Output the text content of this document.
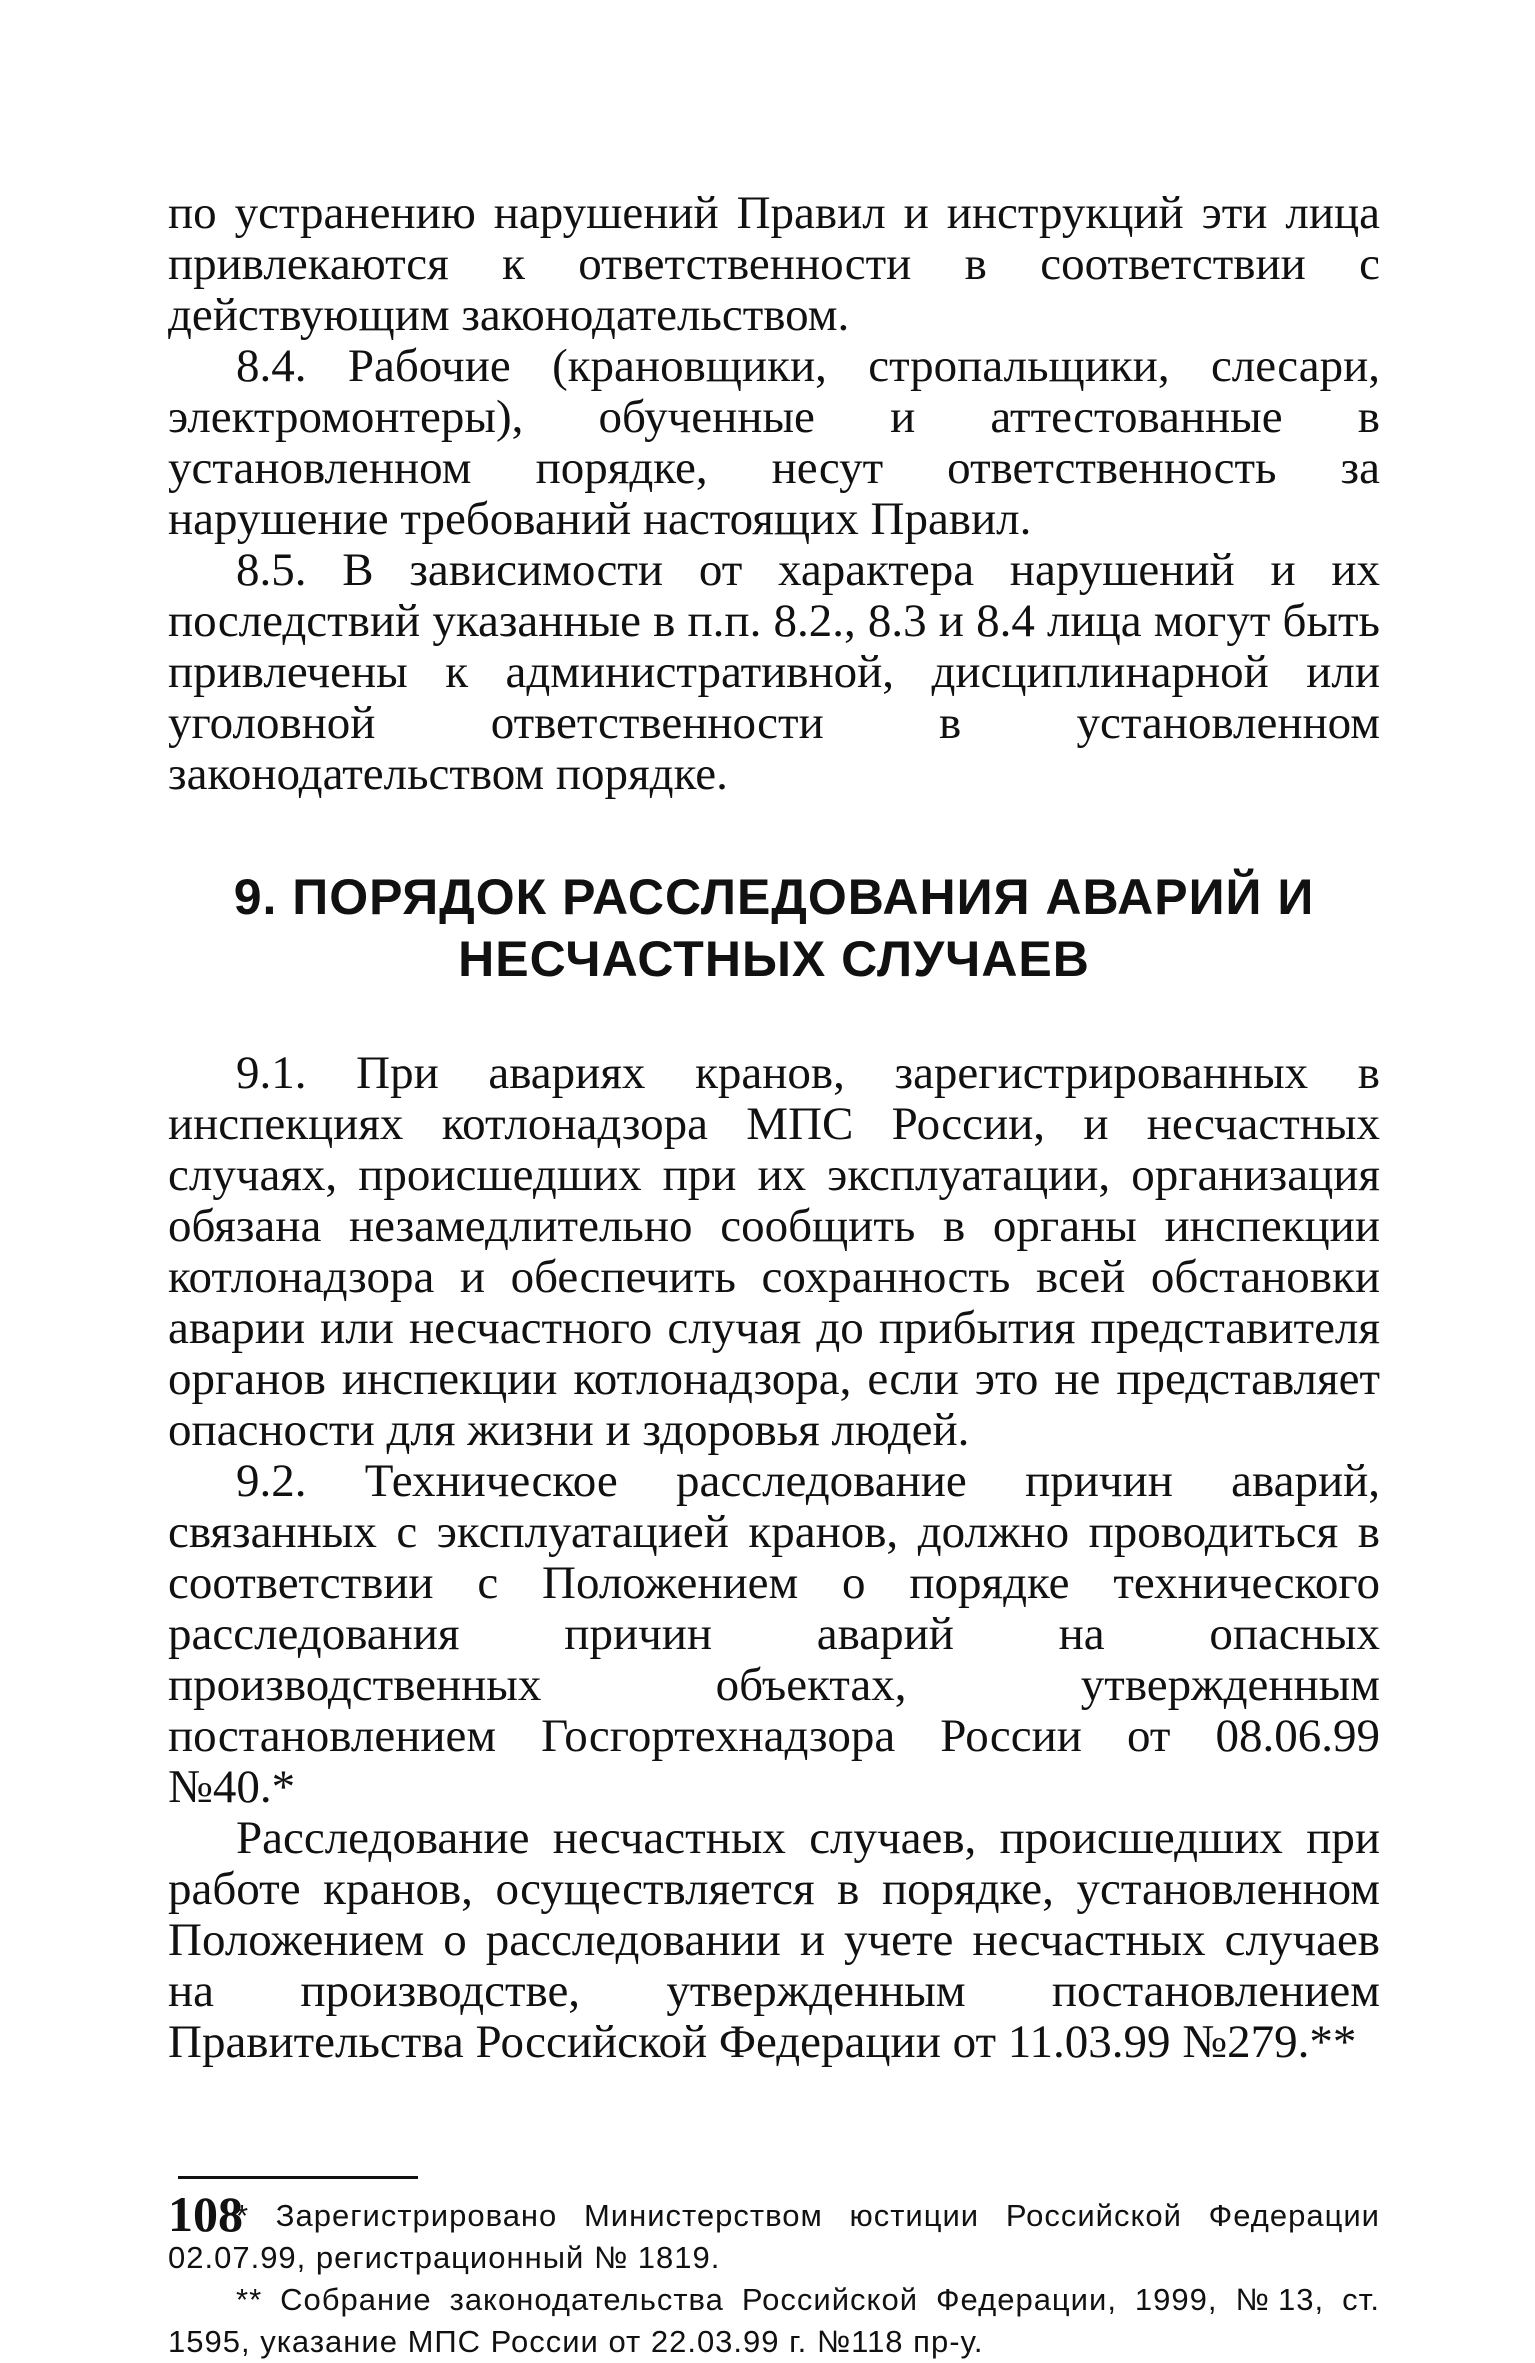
по устранению нарушений Правил и инструкций эти лица привлекаются к ответственности в соответствии с действующим законодательством.

8.4. Рабочие (крановщики, стропальщики, слесари, электромонтеры), обученные и аттестованные в установленном порядке, несут ответственность за нарушение требований настоящих Правил.

8.5. В зависимости от характера нарушений и их последствий указанные в п.п. 8.2., 8.3 и 8.4 лица могут быть привлечены к административной, дисциплинарной или уголовной ответственности в установленном законодательством порядке.

9. ПОРЯДОК РАССЛЕДОВАНИЯ АВАРИЙ И
НЕСЧАСТНЫХ СЛУЧАЕВ

9.1. При авариях кранов, зарегистрированных в инспекциях котлонадзора МПС России, и несчастных случаях, происшедших при их эксплуатации, организация обязана незамедлительно сообщить в органы инспекции котлонадзора и обеспечить сохранность всей обстановки аварии или несчастного случая до прибытия представителя органов инспекции котлонадзора, если это не представляет опасности для жизни и здоровья людей.

9.2. Техническое расследование причин аварий, связанных с эксплуатацией кранов, должно проводиться в соответствии с Положением о порядке технического расследования причин аварий на опасных производственных объектах, утвержденным постановлением Госгортехнадзора России от 08.06.99 №40.*

Расследование несчастных случаев, происшедших при работе кранов, осуществляется в порядке, установленном Положением о расследовании и учете несчастных случаев на производстве, утвержденным постановлением Правительства Российской Федерации от 11.03.99 №279.**

* Зарегистрировано Министерством юстиции Российской Федерации 02.07.99, регистрационный № 1819.

** Собрание законодательства Российской Федерации, 1999, №13, ст. 1595, указание МПС России от 22.03.99 г. №118 пр-у.

108
